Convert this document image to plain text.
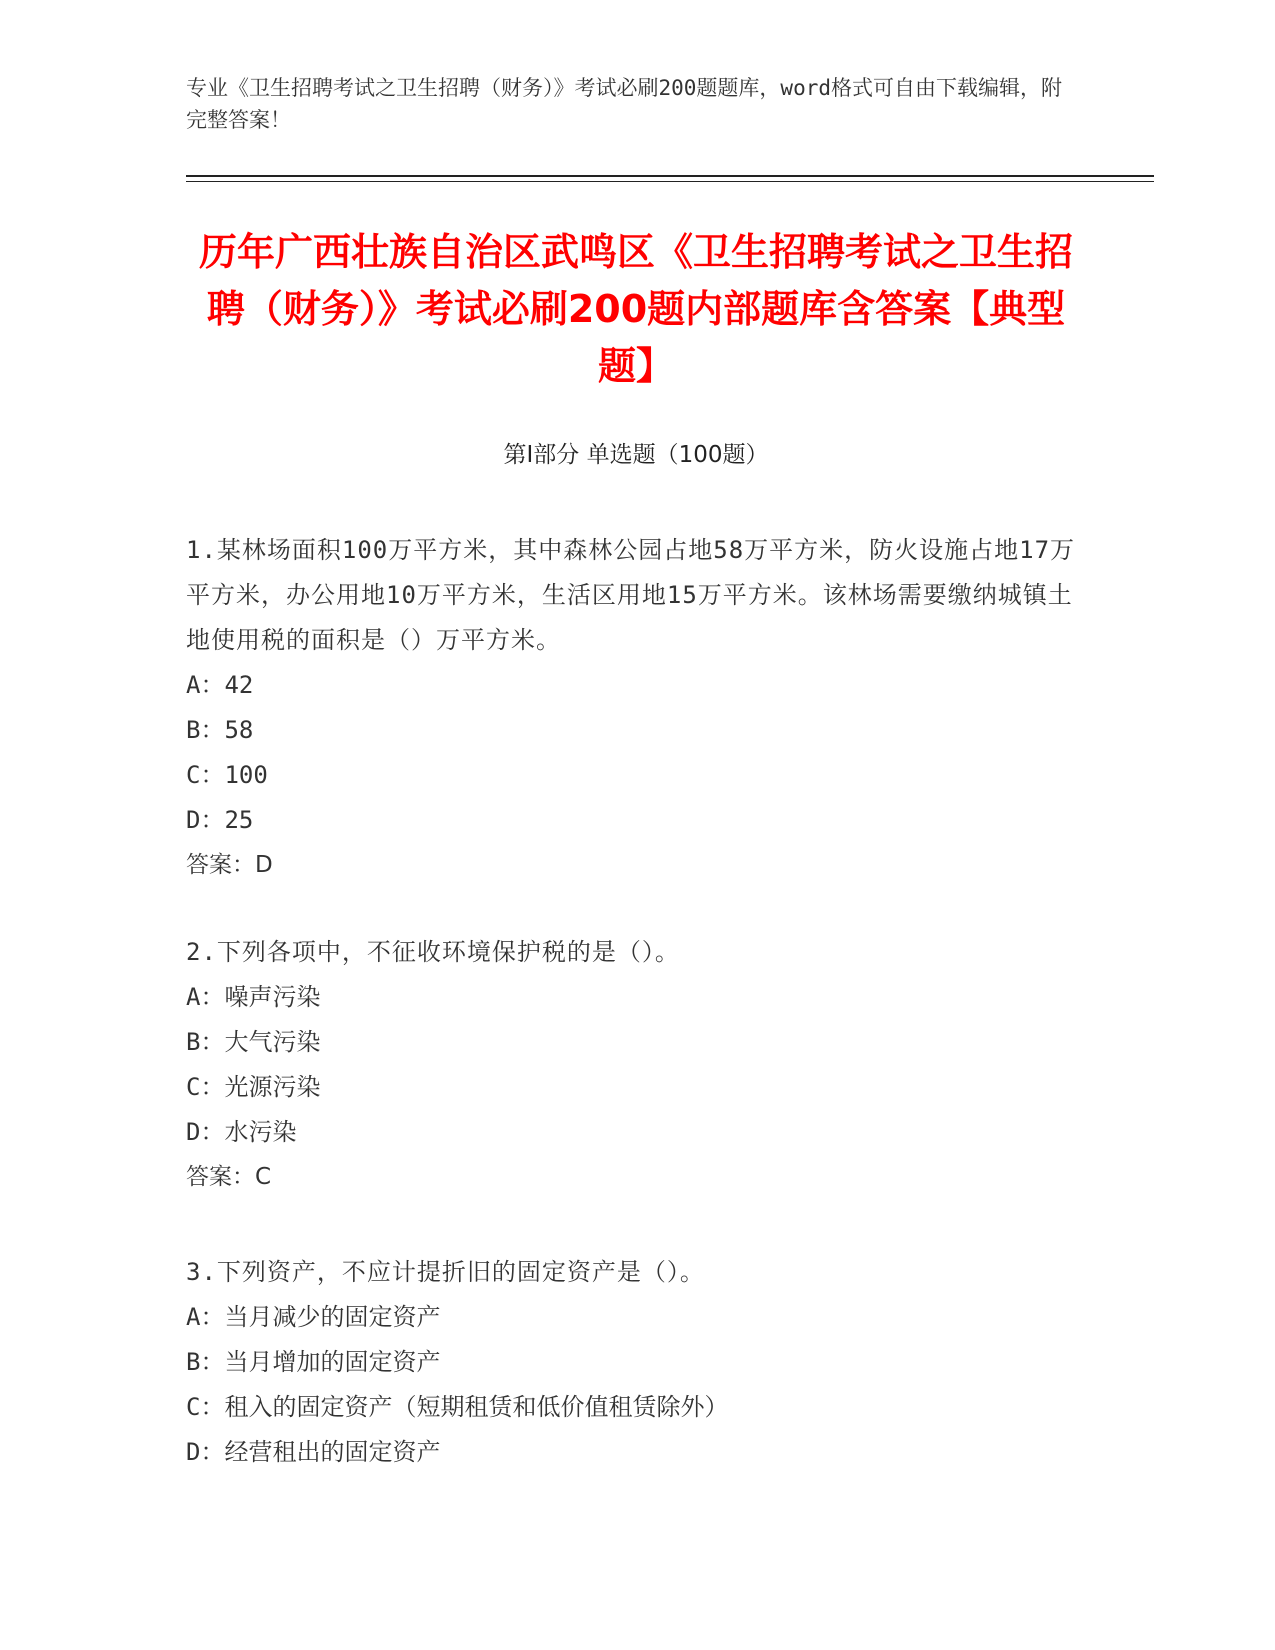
专业《卫生招聘考试之卫生招聘（财务）》考试必刷200题题库，word格式可自由下载编辑，附完整答案！
历年广西壮族自治区武鸣区《卫生招聘考试之卫生招聘（财务）》考试必刷200题内部题库含答案【典型题】
第I部分 单选题（100题）
1.某林场面积100万平方米，其中森林公园占地58万平方米，防火设施占地17万平方米，办公用地10万平方米，生活区用地15万平方米。该林场需要缴纳城镇土地使用税的面积是（）万平方米。
A：42
B：58
C：100
D：25
答案：D
2.下列各项中，不征收环境保护税的是（）。
A：噪声污染
B：大气污染
C：光源污染
D：水污染
答案：C
3.下列资产，不应计提折旧的固定资产是（）。
A：当月减少的固定资产
B：当月增加的固定资产
C：租入的固定资产（短期租赁和低价值租赁除外）
D：经营租出的固定资产
